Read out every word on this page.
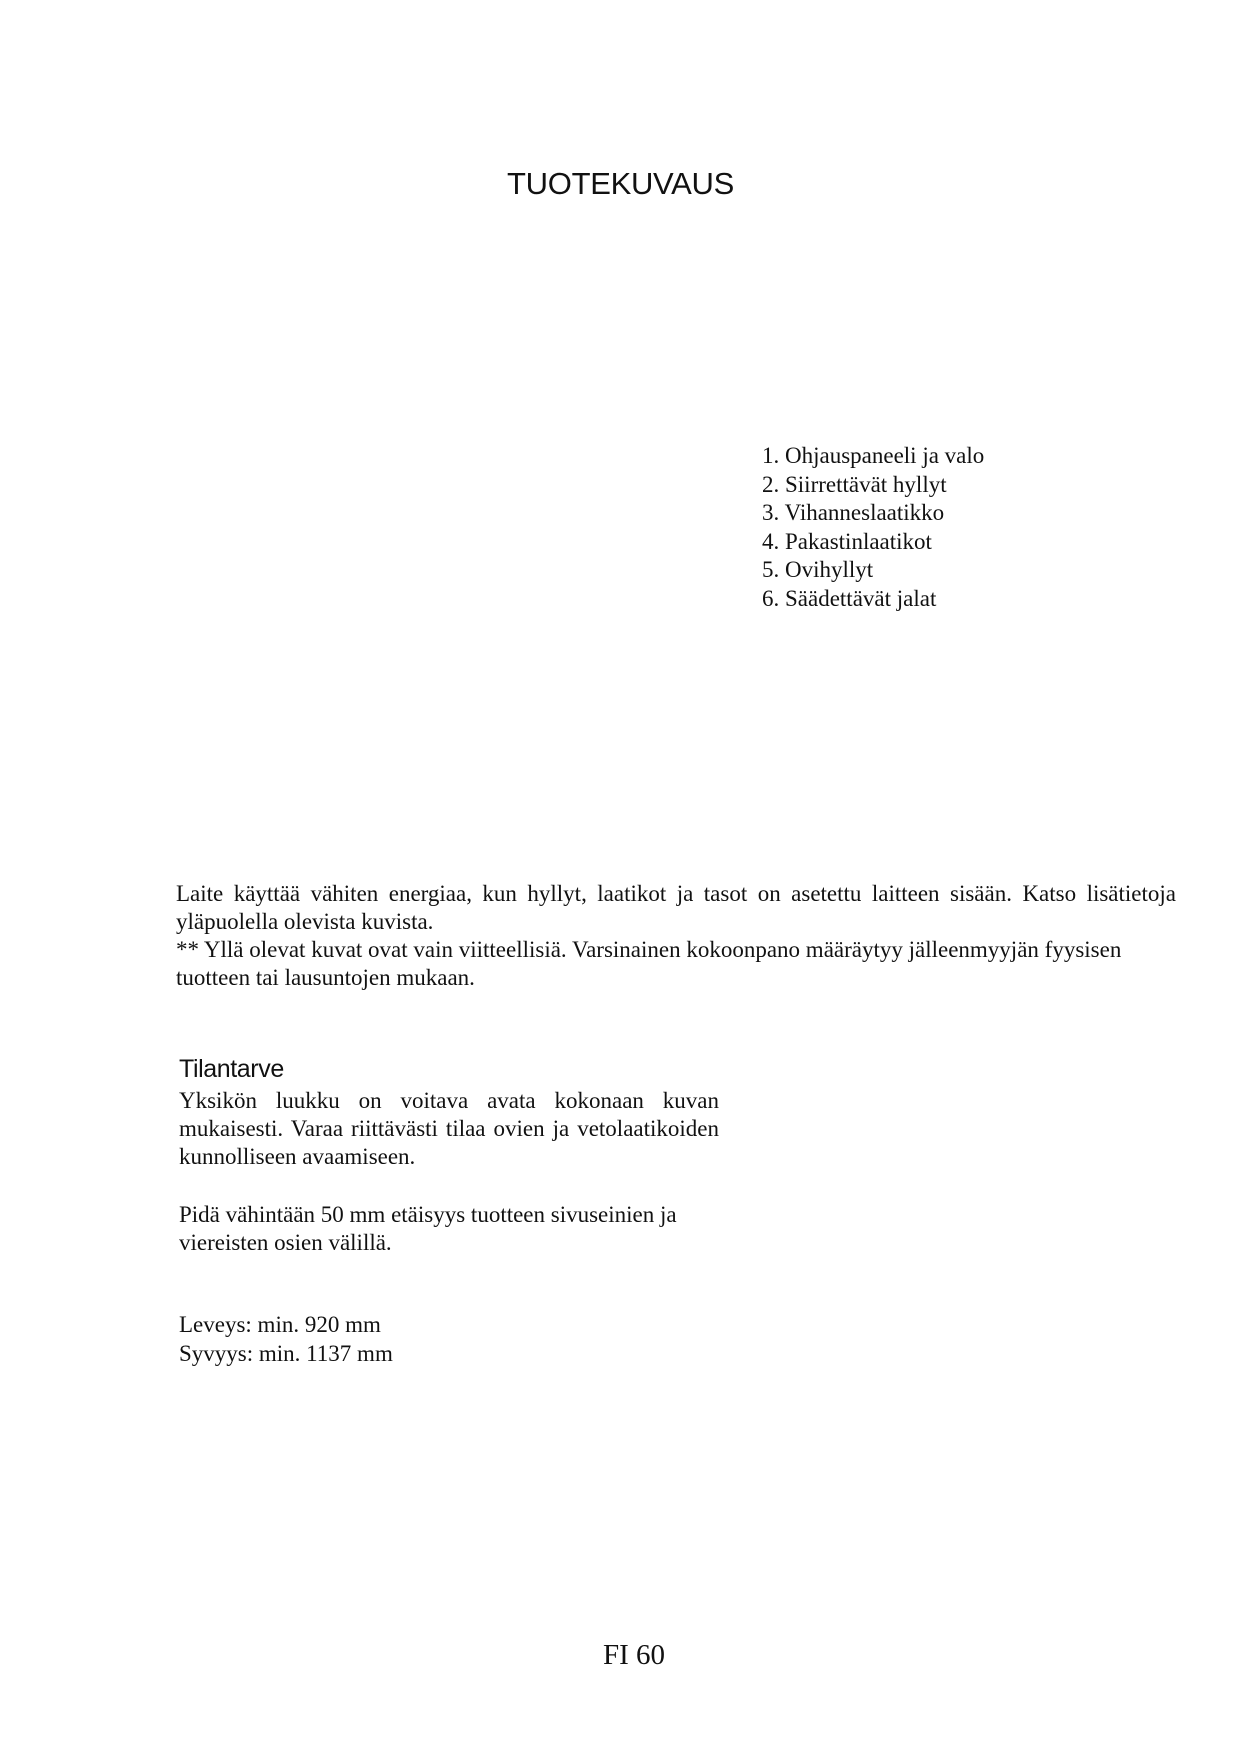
TUOTEKUVAUS
1. Ohjauspaneeli ja valo
2. Siirrettävät hyllyt
3. Vihanneslaatikko
4. Pakastinlaatikot
5. Ovihyllyt
6. Säädettävät jalat

Laite käyttää vähiten energiaa, kun hyllyt, laatikot ja tasot on asetettu laitteen sisään. Katso lisätietoja yläpuolella olevista kuvista.

** Yllä olevat kuvat ovat vain viitteellisiä. Varsinainen kokoonpano määräytyy jälleenmyyjän fyysisen
tuotteen tai lausuntojen mukaan.

Tilantarve

Yksikön luukku on voitava avata kokonaan kuvan mukaisesti. Varaa riittävästi tilaa ovien ja vetolaatikoiden kunnolliseen avaamiseen.

Pidä vähintään 50 mm etäisyys tuotteen sivuseinien ja
viereisten osien välillä.

Leveys: min. 920 mm
Syvyys: min. 1137 mm
FI 60
